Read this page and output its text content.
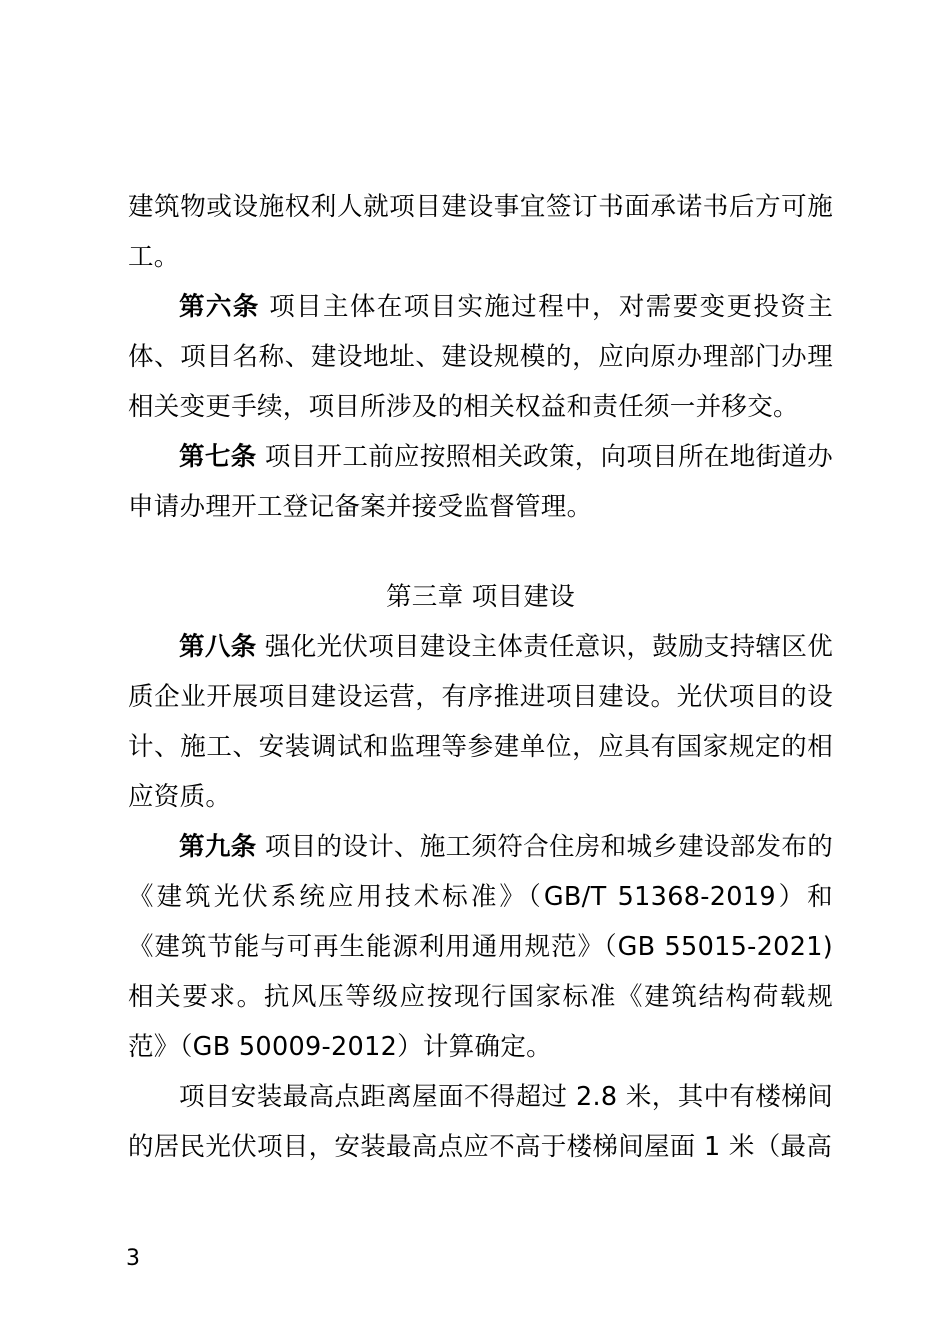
建筑物或设施权利人就项目建设事宜签订书面承诺书后方可施工。

第六条 项目主体在项目实施过程中，对需要变更投资主体、项目名称、建设地址、建设规模的，应向原办理部门办理相关变更手续，项目所涉及的相关权益和责任须一并移交。

第七条 项目开工前应按照相关政策，向项目所在地街道办申请办理开工登记备案并接受监督管理。

第三章 项目建设

第八条 强化光伏项目建设主体责任意识，鼓励支持辖区优质企业开展项目建设运营，有序推进项目建设。光伏项目的设计、施工、安装调试和监理等参建单位，应具有国家规定的相应资质。

第九条 项目的设计、施工须符合住房和城乡建设部发布的《建筑光伏系统应用技术标准》（GB/T 51368-2019）和《建筑节能与可再生能源利用通用规范》（GB 55015-2021)相关要求。抗风压等级应按现行国家标准《建筑结构荷载规范》（GB 50009-2012）计算确定。

项目安装最高点距离屋面不得超过 2.8 米，其中有楼梯间的居民光伏项目，安装最高点应不高于楼梯间屋面 1 米（最高

3
